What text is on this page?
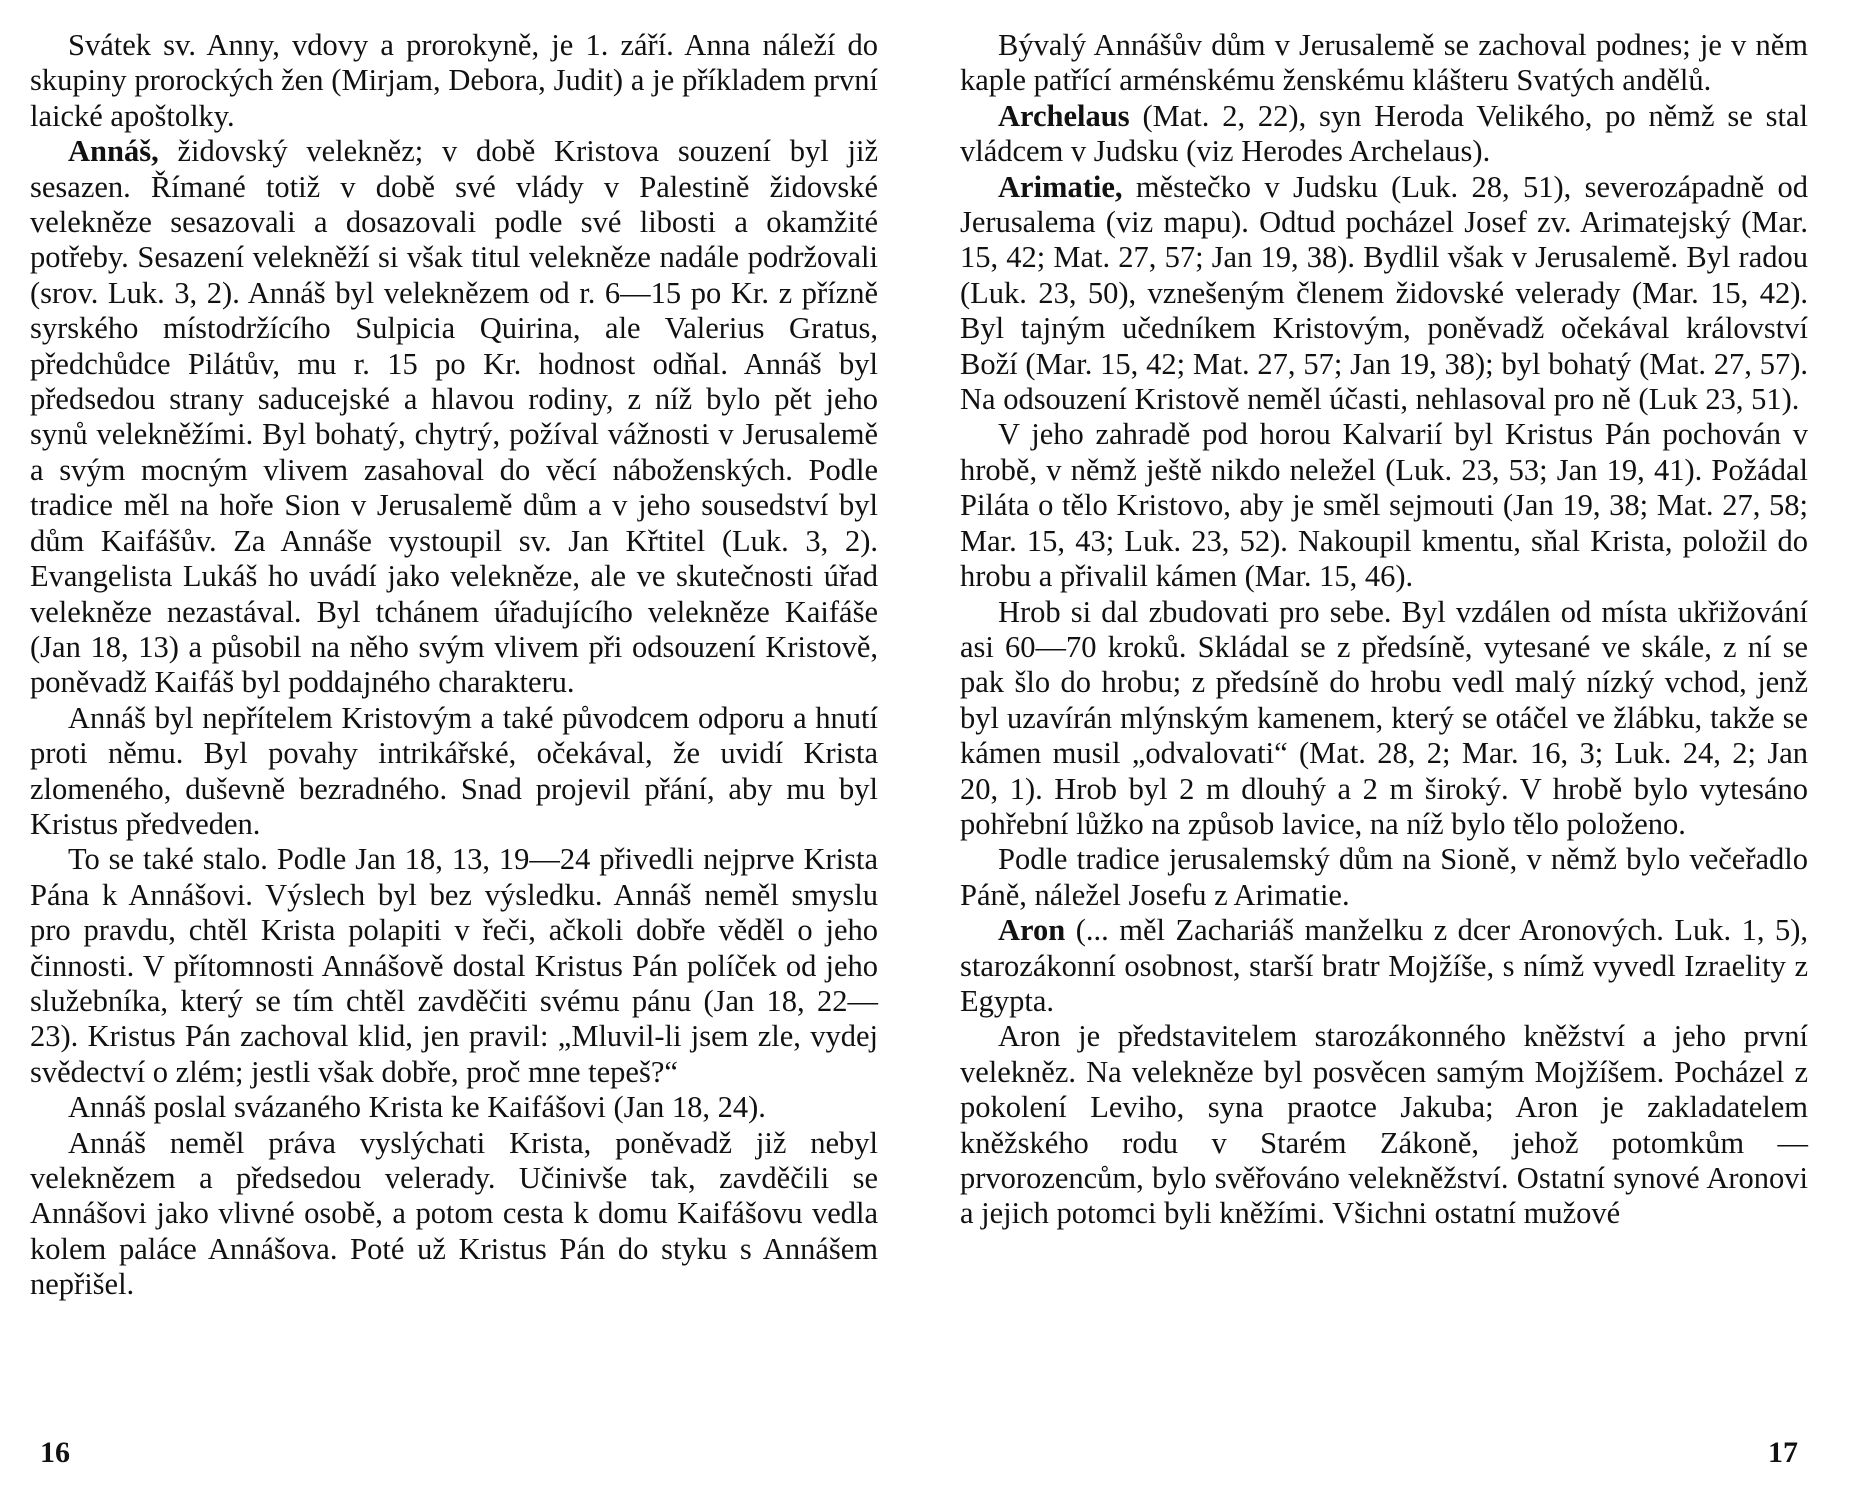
Svátek sv. Anny, vdovy a prorokyně, je 1. září. Anna náleží do skupiny prorockých žen (Mirjam, Debora, Judit) a je příkladem první laické apoštolky.

Annáš, židovský velekněz; v době Kristova souzení byl již sesazen. Římané totiž v době své vlády v Palestině židovské velekněze sesazovali a dosazovali podle své libosti a okamžité potřeby. Sesazení velekněží si však titul velekněze nadále podržovali (srov. Luk. 3, 2). Annáš byl veleknězem od r. 6—15 po Kr. z přízně syrského místodržícího Sulpicia Quirina, ale Valerius Gratus, předchůdce Pilátův, mu r. 15 po Kr. hodnost odňal. Annáš byl předsedou strany saducejské a hlavou rodiny, z níž bylo pět jeho synů velekněžími. Byl bohatý, chytrý, požíval vážnosti v Jerusalemě a svým mocným vlivem zasahoval do věcí náboženských. Podle tradice měl na hoře Sion v Jerusalemě dům a v jeho sousedství byl dům Kaifášův. Za Annáše vystoupil sv. Jan Křtitel (Luk. 3, 2). Evangelista Lukáš ho uvádí jako velekněze, ale ve skutečnosti úřad velekněze nezastával. Byl tchánem úřadujícího velekněze Kaifáše (Jan 18, 13) a působil na něho svým vlivem při odsouzení Kristově, poněvadž Kaifáš byl poddajného charakteru.

Annáš byl nepřítelem Kristovým a také původcem odporu a hnutí proti němu. Byl povahy intrikářské, očekával, že uvidí Krista zlomeného, duševně bezradného. Snad projevil přání, aby mu byl Kristus předveden.

To se také stalo. Podle Jan 18, 13, 19—24 přivedli nejprve Krista Pána k Annášovi. Výslech byl bez výsledku. Annáš neměl smyslu pro pravdu, chtěl Krista polapiti v řeči, ačkoli dobře věděl o jeho činnosti. V přítomnosti Annášově dostal Kristus Pán políček od jeho služebníka, který se tím chtěl zavděčiti svému pánu (Jan 18, 22—23). Kristus Pán zachoval klid, jen pravil: „Mluvil-li jsem zle, vydej svědectví o zlém; jestli však dobře, proč mne tepeš?“

Annáš poslal svázaného Krista ke Kaifášovi (Jan 18, 24).

Annáš neměl práva vyslýchati Krista, poněvadž již nebyl veleknězem a předsedou velerady. Učinivše tak, zavděčili se Annášovi jako vlivné osobě, a potom cesta k domu Kaifášovu vedla kolem paláce Annášova. Poté už Kristus Pán do styku s Annášem nepřišel.

16

Bývalý Annášův dům v Jerusalemě se zachoval podnes; je v něm kaple patřící arménskému ženskému klášteru Svatých andělů.

Archelaus (Mat. 2, 22), syn Heroda Velikého, po němž se stal vládcem v Judsku (viz Herodes Archelaus).

Arimatie, městečko v Judsku (Luk. 28, 51), severozápadně od Jerusalema (viz mapu). Odtud pocházel Josef zv. Arimatejský (Mar. 15, 42; Mat. 27, 57; Jan 19, 38). Bydlil však v Jerusalemě. Byl radou (Luk. 23, 50), vznešeným členem židovské velerady (Mar. 15, 42). Byl tajným učedníkem Kristovým, poněvadž očekával království Boží (Mar. 15, 42; Mat. 27, 57; Jan 19, 38); byl bohatý (Mat. 27, 57). Na odsouzení Kristově neměl účasti, nehlasoval pro ně (Luk 23, 51).

V jeho zahradě pod horou Kalvarií byl Kristus Pán pochován v hrobě, v němž ještě nikdo neležel (Luk. 23, 53; Jan 19, 41). Požádal Piláta o tělo Kristovo, aby je směl sejmouti (Jan 19, 38; Mat. 27, 58; Mar. 15, 43; Luk. 23, 52). Nakoupil kmentu, sňal Krista, položil do hrobu a přivalil kámen (Mar. 15, 46).

Hrob si dal zbudovati pro sebe. Byl vzdálen od místa ukřižování asi 60—70 kroků. Skládal se z předsíně, vytesané ve skále, z ní se pak šlo do hrobu; z předsíně do hrobu vedl malý nízký vchod, jenž byl uzavírán mlýnským kamenem, který se otáčel ve žlábku, takže se kámen musil „odvalovati“ (Mat. 28, 2; Mar. 16, 3; Luk. 24, 2; Jan 20, 1). Hrob byl 2 m dlouhý a 2 m široký. V hrobě bylo vytesáno pohřební lůžko na způsob lavice, na níž bylo tělo položeno.

Podle tradice jerusalemský dům na Sioně, v němž bylo večeřadlo Páně, náležel Josefu z Arimatie.

Aron (... měl Zachariáš manželku z dcer Aronových. Luk. 1, 5), starozákonní osobnost, starší bratr Mojžíše, s nímž vyvedl Izraelity z Egypta.

Aron je představitelem starozákonného kněžství a jeho první velekněz. Na velekněze byl posvěcen samým Mojžíšem. Pocházel z pokolení Leviho, syna praotce Jakuba; Aron je zakladatelem kněžského rodu v Starém Zákoně, jehož potomkům — prvorozencům, bylo svěřováno velekněžství. Ostatní synové Aronovi a jejich potomci byli kněžími. Všichni ostatní mužové

17
